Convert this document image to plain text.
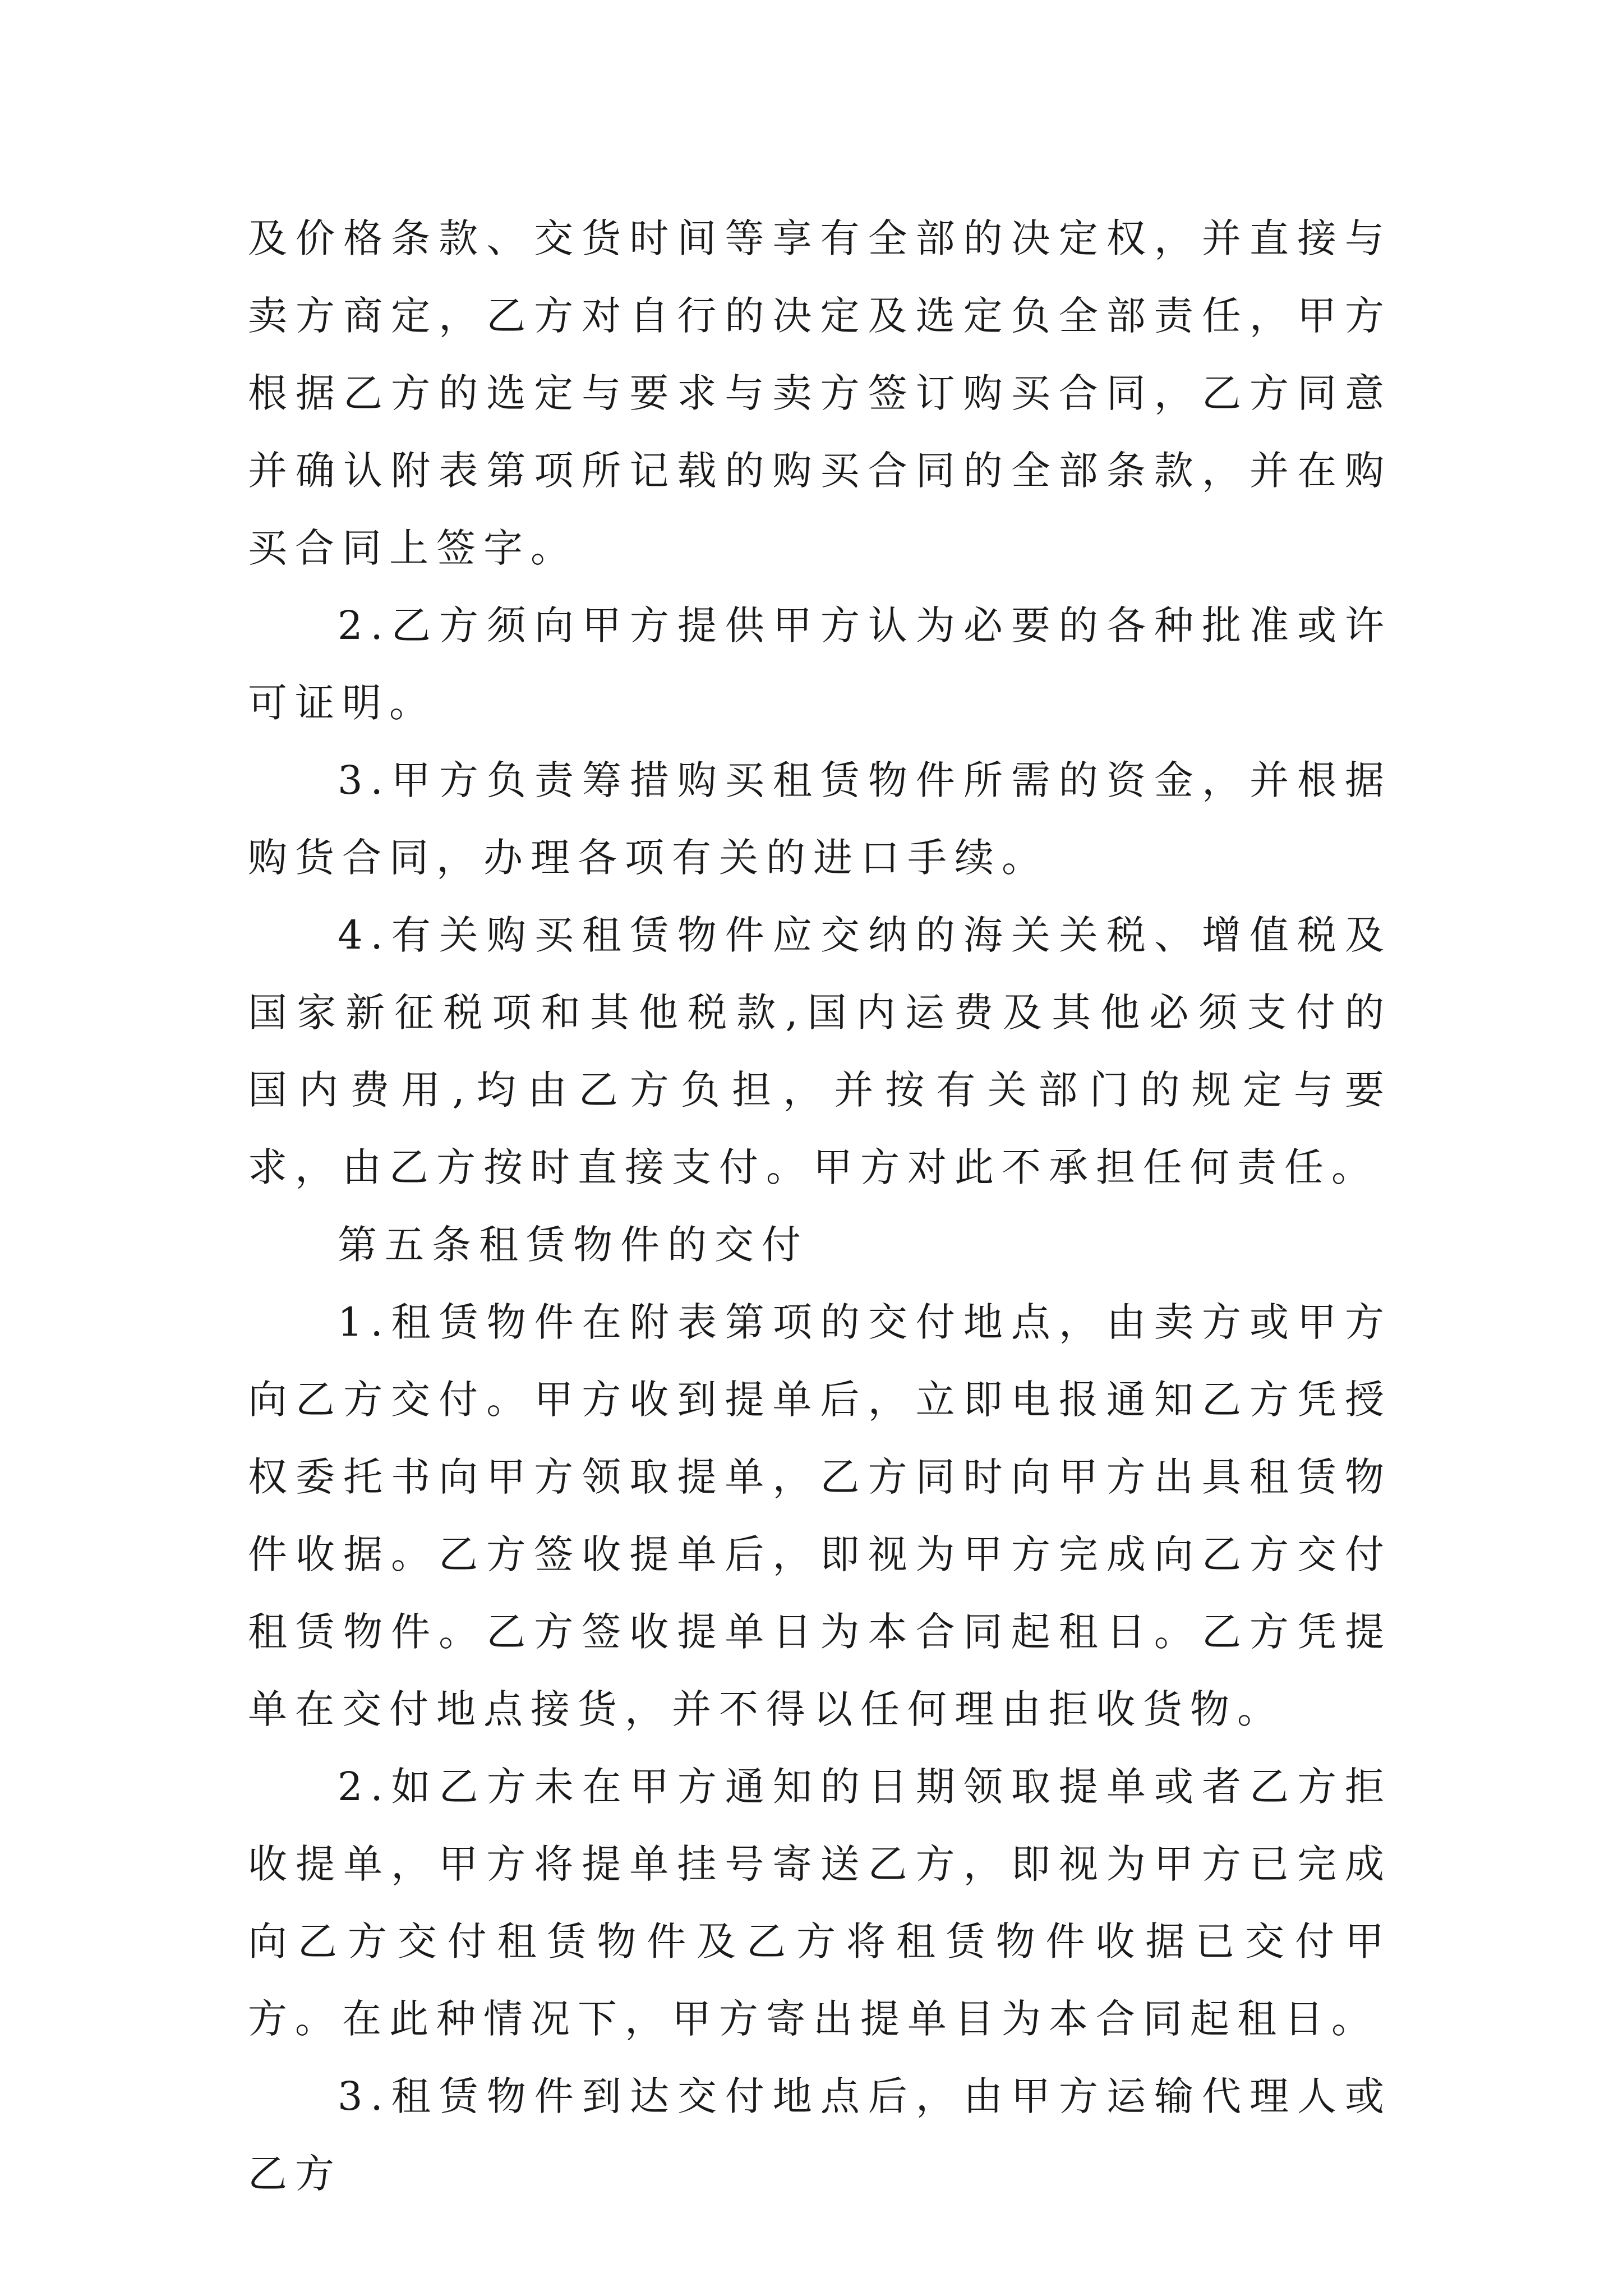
及价格条款、交货时间等享有全部的决定权，并直接与卖方商定，乙方对自行的决定及选定负全部责任，甲方根据乙方的选定与要求与卖方签订购买合同，乙方同意并确认附表第项所记载的购买合同的全部条款，并在购买合同上签字。

2.乙方须向甲方提供甲方认为必要的各种批准或许可证明。

3.甲方负责筹措购买租赁物件所需的资金，并根据购货合同，办理各项有关的进口手续。

4.有关购买租赁物件应交纳的海关关税、增值税及国家新征税项和其他税款,国内运费及其他必须支付的国内费用,均由乙方负担，并按有关部门的规定与要求，由乙方按时直接支付。甲方对此不承担任何责任。

第五条租赁物件的交付

1.租赁物件在附表第项的交付地点，由卖方或甲方向乙方交付。甲方收到提单后，立即电报通知乙方凭授权委托书向甲方领取提单，乙方同时向甲方出具租赁物件收据。乙方签收提单后，即视为甲方完成向乙方交付租赁物件。乙方签收提单日为本合同起租日。乙方凭提单在交付地点接货，并不得以任何理由拒收货物。

2.如乙方未在甲方通知的日期领取提单或者乙方拒收提单，甲方将提单挂号寄送乙方，即视为甲方已完成向乙方交付租赁物件及乙方将租赁物件收据已交付甲方。在此种情况下，甲方寄出提单目为本合同起租日。

3.租赁物件到达交付地点后，由甲方运输代理人或乙方
